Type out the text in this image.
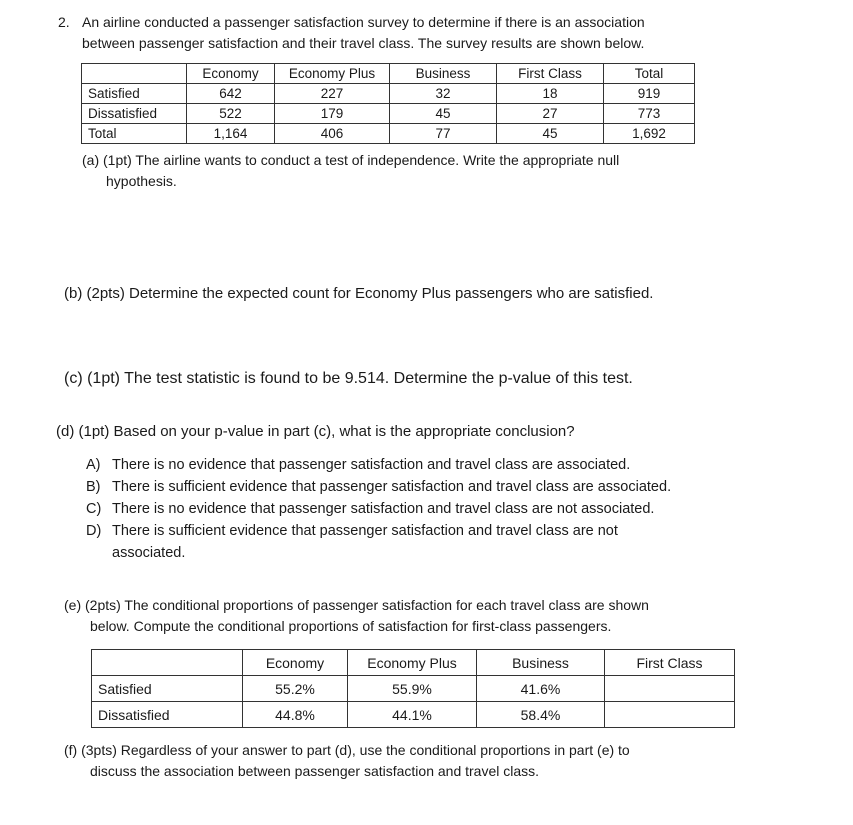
2. An airline conducted a passenger satisfaction survey to determine if there is an association
between passenger satisfaction and their travel class. The survey results are shown below.
	Economy	Economy Plus	Business	First Class	Total
Satisfied	642	227	32	18	919
Dissatisfied	522	179	45	27	773
Total	1,164	406	77	45	1,692
(a) (1pt) The airline wants to conduct a test of independence. Write the appropriate null
hypothesis.
(b) (2pts) Determine the expected count for Economy Plus passengers who are satisfied.
(c) (1pt) The test statistic is found to be 9.514. Determine the p-value of this test.
(d) (1pt) Based on your p-value in part (c), what is the appropriate conclusion?
A) There is no evidence that passenger satisfaction and travel class are associated.
B) There is sufficient evidence that passenger satisfaction and travel class are associated.
C) There is no evidence that passenger satisfaction and travel class are not associated.
D) There is sufficient evidence that passenger satisfaction and travel class are not
associated.
(e) (2pts) The conditional proportions of passenger satisfaction for each travel class are shown
below. Compute the conditional proportions of satisfaction for first-class passengers.
	Economy	Economy Plus	Business	First Class
Satisfied	55.2%	55.9%	41.6%	
Dissatisfied	44.8%	44.1%	58.4%	
(f) (3pts) Regardless of your answer to part (d), use the conditional proportions in part (e) to
discuss the association between passenger satisfaction and travel class.
